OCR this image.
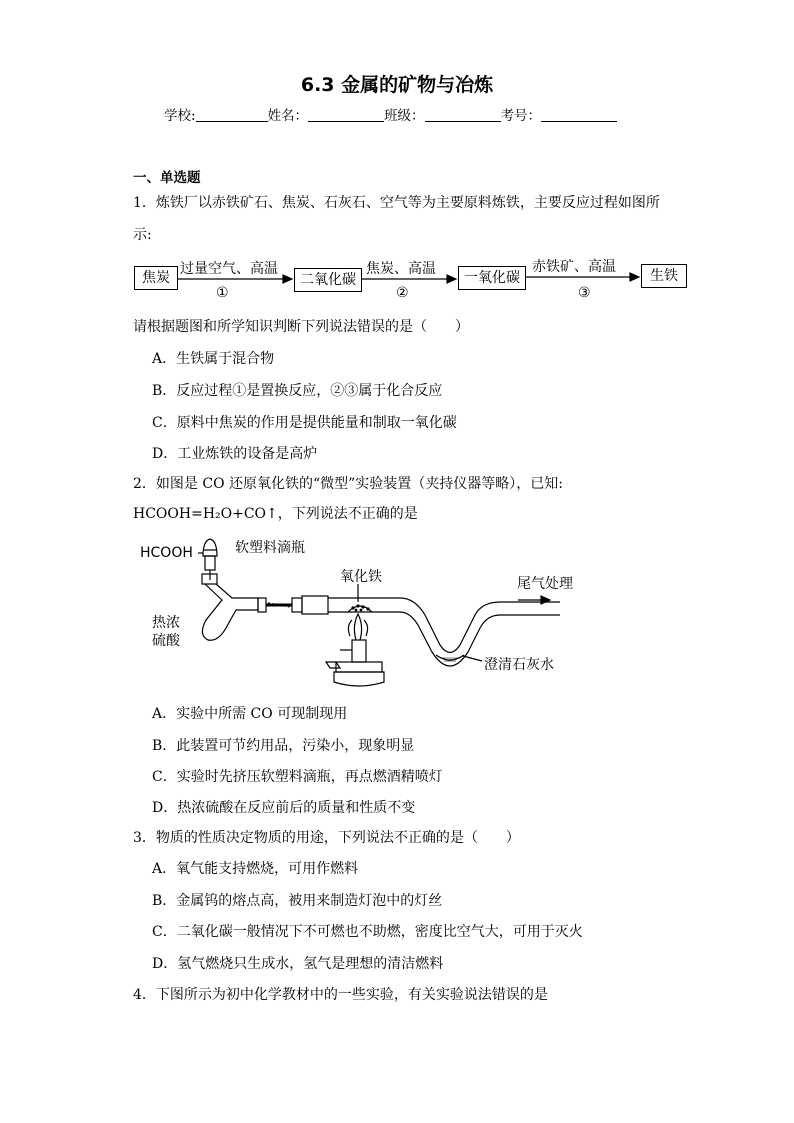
6.3 金属的矿物与冶炼
学校:	姓名：	班级：	考号：
一、单选题
1．炼铁厂以赤铁矿石、焦炭、石灰石、空气等为主要原料炼铁，主要反应过程如图所
示:
焦炭	二氧化碳	一氧化碳	生铁
过量空气、高温	焦炭、高温	赤铁矿、高温
①	②	③
请根据题图和所学知识判断下列说法错误的是（　　）
A．生铁属于混合物
B．反应过程①是置换反应，②③属于化合反应
C．原料中焦炭的作用是提供能量和制取一氧化碳
D．工业炼铁的设备是高炉
2．如图是 CO 还原氧化铁的“微型”实验装置（夹持仪器等略），已知:
HCOOH=H₂O+CO↑，下列说法不正确的是
HCOOH	软塑料滴瓶
氧化铁	尾气处理
热浓
硫酸
澄清石灰水
A．实验中所需 CO 可现制现用
B．此装置可节约用品，污染小，现象明显
C．实验时先挤压软塑料滴瓶，再点燃酒精喷灯
D．热浓硫酸在反应前后的质量和性质不变
3．物质的性质决定物质的用途，下列说法不正确的是（　　）
A．氧气能支持燃烧，可用作燃料
B．金属钨的熔点高，被用来制造灯泡中的灯丝
C．二氧化碳一般情况下不可燃也不助燃，密度比空气大，可用于灭火
D．氢气燃烧只生成水，氢气是理想的清洁燃料
4．下图所示为初中化学教材中的一些实验，有关实验说法错误的是
